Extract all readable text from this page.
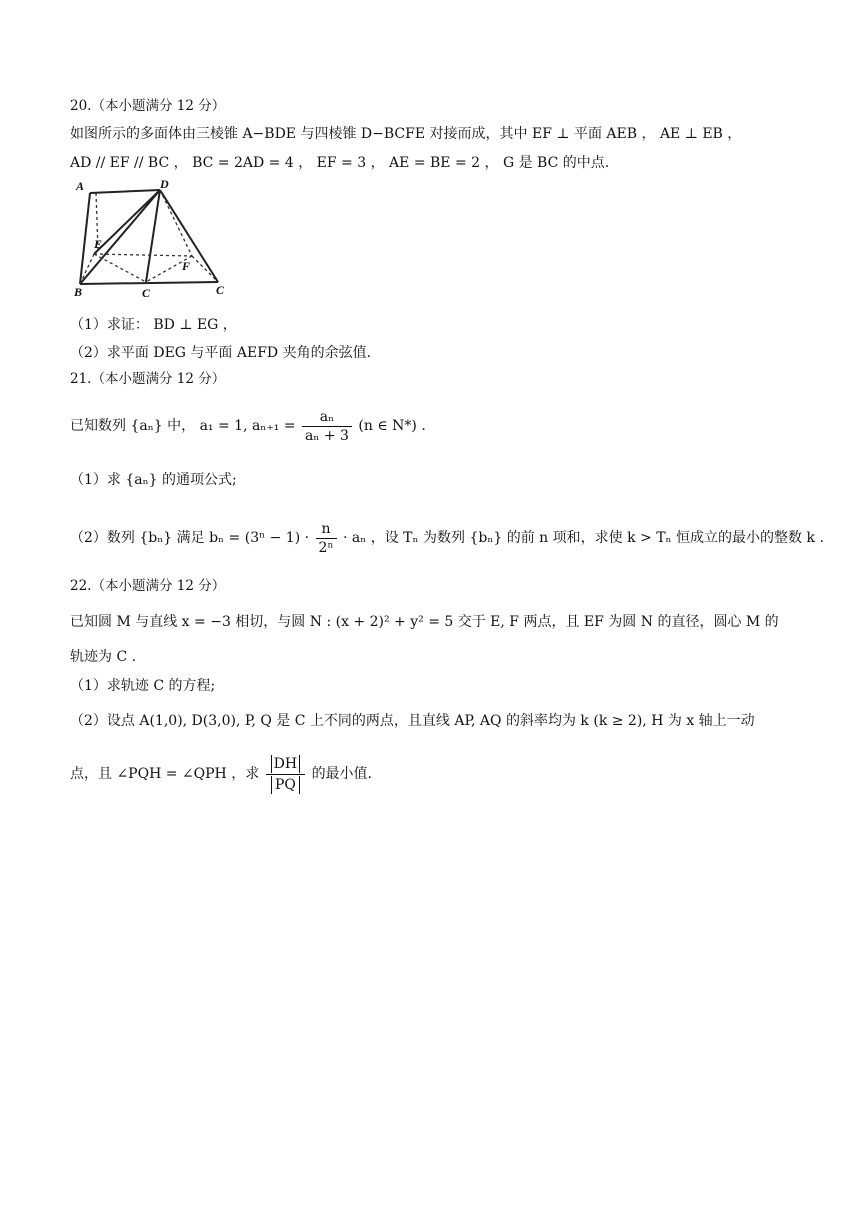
20.（本小题满分 12 分）
如图所示的多面体由三棱锥 A−BDE 与四棱锥 D−BCFE 对接而成，其中 EF ⊥ 平面 AEB ， AE ⊥ EB ，
AD // EF // BC ， BC = 2AD = 4 ， EF = 3 ， AE = BE = 2 ， G 是 BC 的中点.
A	D
E
F
B	C	C
（1）求证： BD ⊥ EG ，
（2）求平面 DEG 与平面 AEFD 夹角的余弦值.
21.（本小题满分 12 分）
已知数列 {aₙ} 中， a₁ = 1, $a_{n+1} = \frac{\text{aₙ}}{\text{aₙ + 3}} (n$ ∈ N*) .
（1）求 {aₙ} 的通项公式;
（2）数列 {bₙ} 满足 $b_n = (3^n - 1) \cdot \frac{n}{\text{2ⁿ}} \cdot a_n$ ，设 Tₙ 为数列 {bₙ} 的前 n 项和，求使 k > Tₙ 恒成立的最小的整数 k .
22.（本小题满分 12 分）
已知圆 M 与直线 x = −3 相切，与圆 N : (x + 2)² + y² = 5 交于 E, F 两点，且 EF 为圆 N 的直径，圆心 M 的
轨迹为 C .
（1）求轨迹 C 的方程;
（2）设点 A(1,0), D(3,0), P, Q 是 C 上不同的两点，且直线 AP, AQ 的斜率均为 k (k ≥ 2), H 为 x 轴上一动
点，且 ∠PQH = ∠QPH ，求 $\frac{DH}{PQ}$ 的最小值.
